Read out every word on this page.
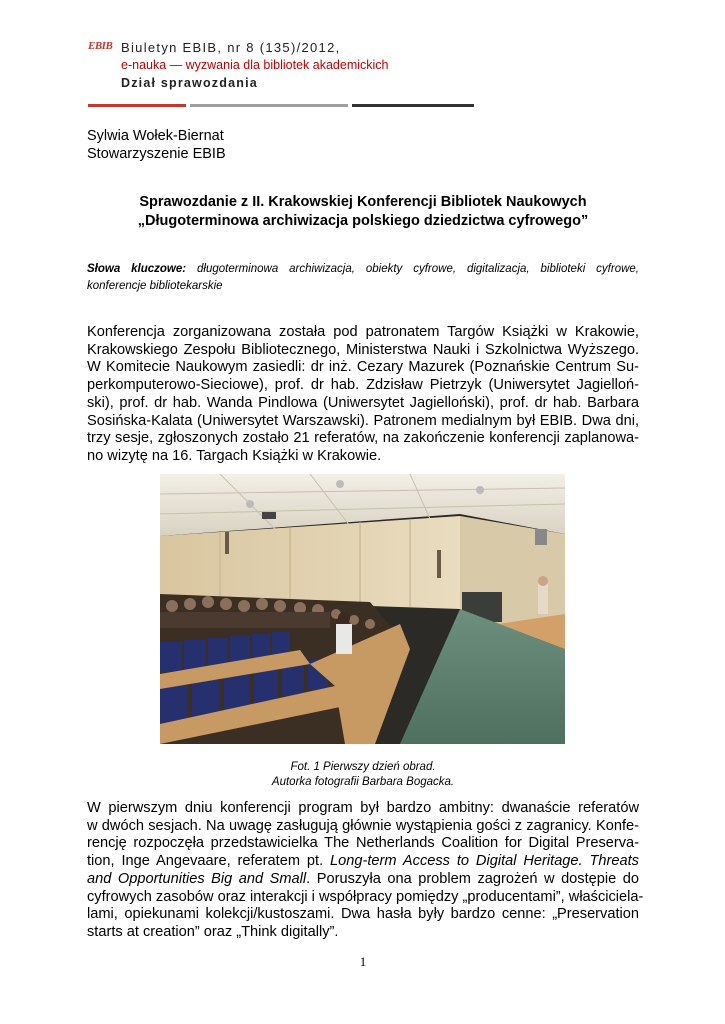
EBIB Biuletyn EBIB, nr 8 (135)/2012,
e-nauka — wyzwania dla bibliotek akademickich
Dział sprawozdania
Sylwia Wołek-Biernat
Stowarzyszenie EBIB
Sprawozdanie z II. Krakowskiej Konferencji Bibliotek Naukowych
„Długoterminowa archiwizacja polskiego dziedzictwa cyfrowego”
Słowa kluczowe: długoterminowa archiwizacja, obiekty cyfrowe, digitalizacja, biblioteki cyfrowe, konferencje bibliotekarskie
Konferencja zorganizowana została pod patronatem Targów Książki w Krakowie,
Krakowskiego Zespołu Bibliotecznego, Ministerstwa Nauki i Szkolnictwa Wyższego.
W Komitecie Naukowym zasiedli: dr inż. Cezary Mazurek (Poznańskie Centrum Su-
perkomputerowo-Sieciowe), prof. dr hab. Zdzisław Pietrzyk (Uniwersytet Jagielloń-
ski), prof. dr hab. Wanda Pindlowa (Uniwersytet Jagielloński), prof. dr hab. Barbara
Sosińska-Kalata (Uniwersytet Warszawski). Patronem medialnym był EBIB. Dwa dni,
trzy sesje, zgłoszonych zostało 21 referatów, na zakończenie konferencji zaplanowa-
no wizytę na 16. Targach Książki w Krakowie.
Fot. 1 Pierwszy dzień obrad.
Autorka fotografii Barbara Bogacka.
W pierwszym dniu konferencji program był bardzo ambitny: dwanaście referatów
w dwóch sesjach. Na uwagę zasługują głównie wystąpienia gości z zagranicy. Konfe-
rencję rozpoczęła przedstawicielka The Netherlands Coalition for Digital Preserva-
tion, Inge Angevaare, referatem pt. Long-term Access to Digital Heritage. Threats
and Opportunities Big and Small. Poruszyła ona problem zagrożeń w dostępie do
cyfrowych zasobów oraz interakcji i współpracy pomiędzy „producentami”, właściciela-
lami, opiekunami kolekcji/kustoszami. Dwa hasła były bardzo cenne: „Preservation
starts at creation” oraz „Think digitally”.
1
